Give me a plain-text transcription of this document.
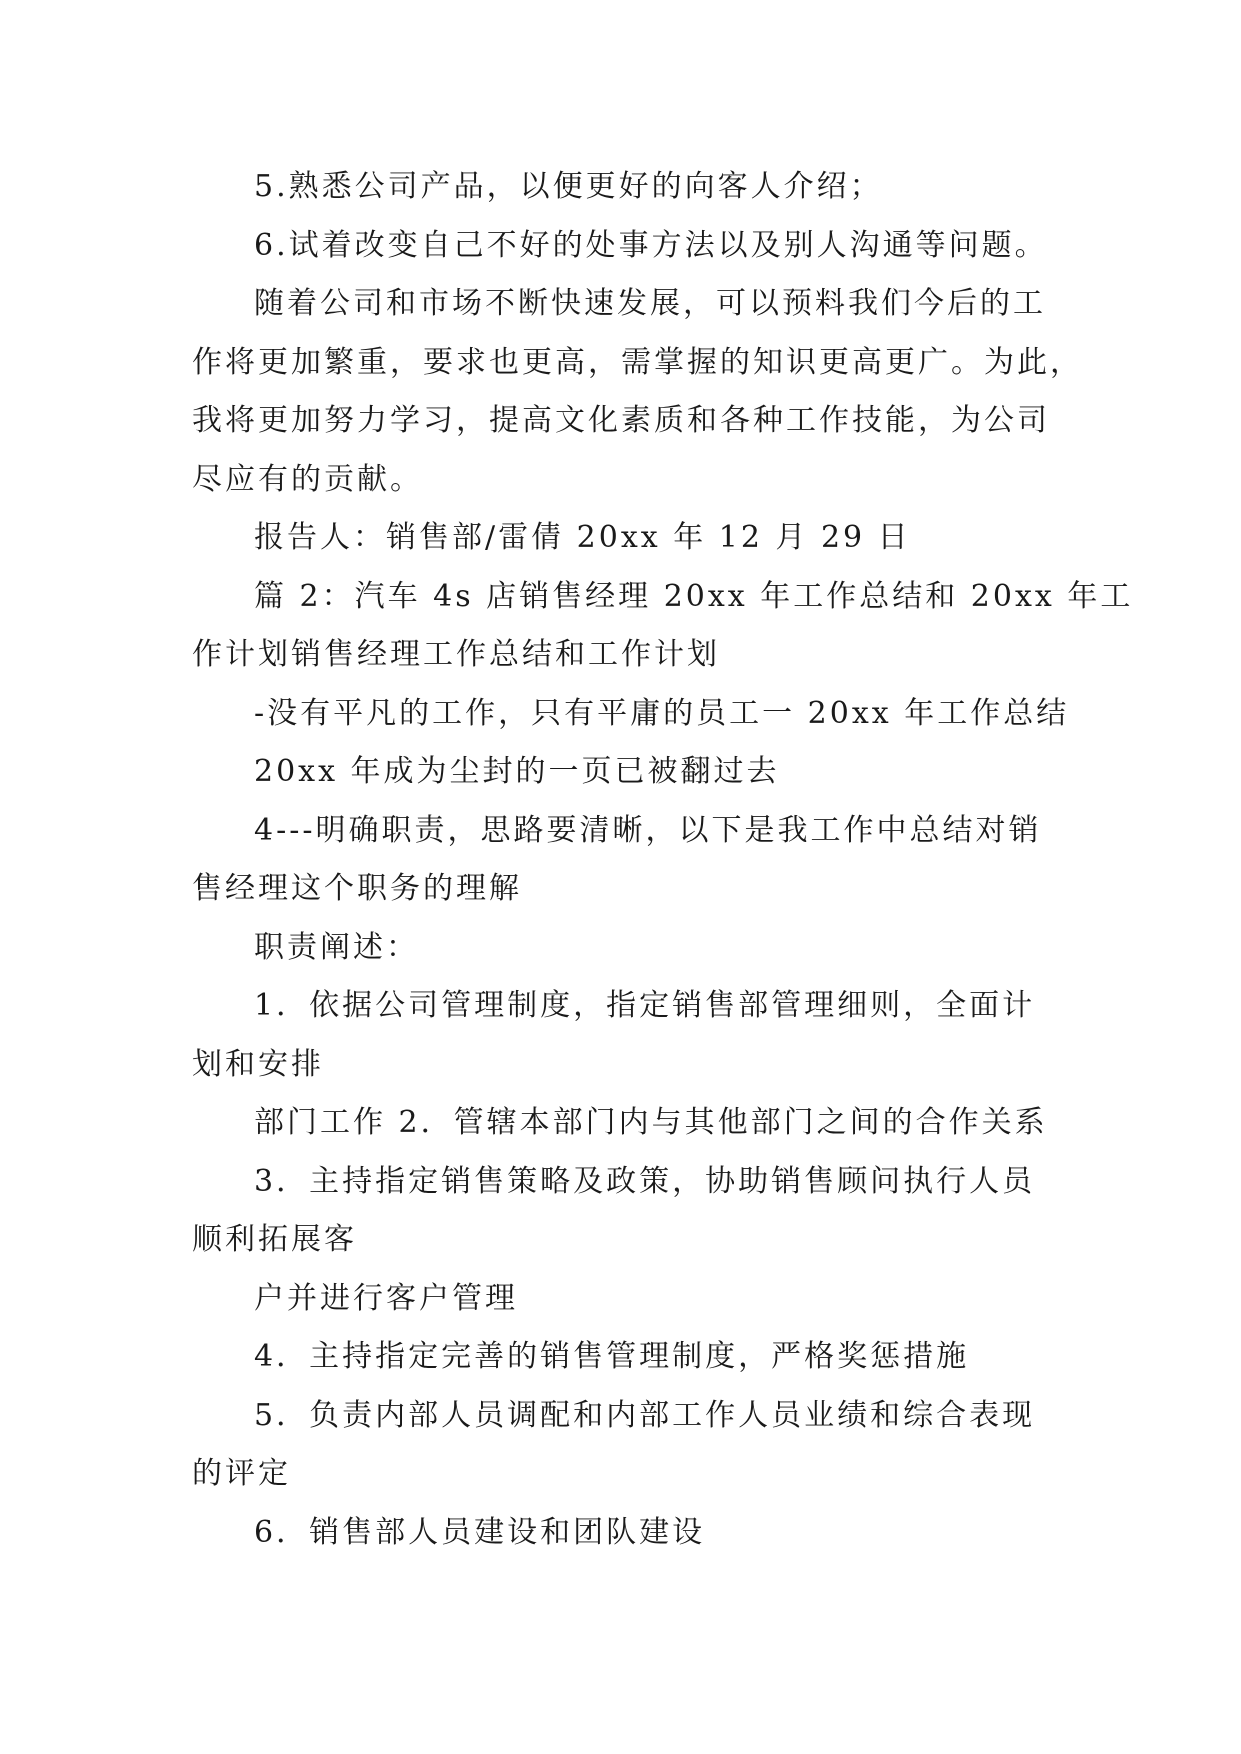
5.熟悉公司产品，以便更好的向客人介绍；

6.试着改变自己不好的处事方法以及别人沟通等问题。

随着公司和市场不断快速发展，可以预料我们今后的工

作将更加繁重，要求也更高，需掌握的知识更高更广。为此，

我将更加努力学习，提高文化素质和各种工作技能，为公司

尽应有的贡献。

报告人：销售部/雷倩 20xx 年 12 月 29 日

篇 2：汽车 4s 店销售经理 20xx 年工作总结和 20xx 年工

作计划销售经理工作总结和工作计划

-没有平凡的工作，只有平庸的员工一 20xx 年工作总结

20xx 年成为尘封的一页已被翻过去

4---明确职责，思路要清晰，以下是我工作中总结对销

售经理这个职务的理解

职责阐述：

1．依据公司管理制度，指定销售部管理细则，全面计

划和安排

部门工作 2．管辖本部门内与其他部门之间的合作关系

3．主持指定销售策略及政策，协助销售顾问执行人员

顺利拓展客

户并进行客户管理

4．主持指定完善的销售管理制度，严格奖惩措施

5．负责内部人员调配和内部工作人员业绩和综合表现

的评定

6．销售部人员建设和团队建设
